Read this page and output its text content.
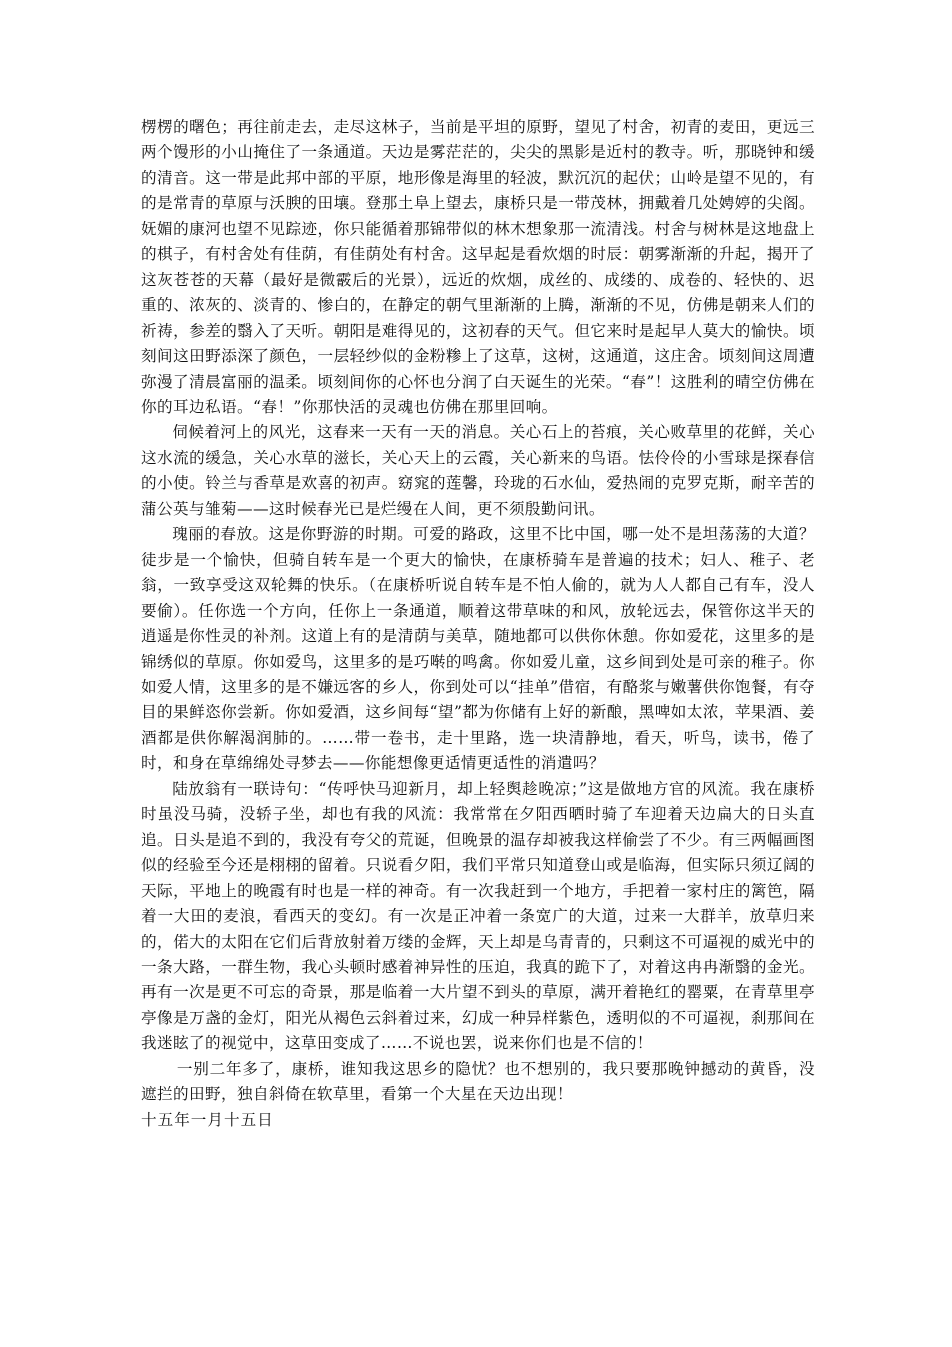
楞楞的曙色；再往前走去，走尽这林子，当前是平坦的原野，望见了村舍，初青的麦田，更远三两个馒形的小山掩住了一条通道。天边是雾茫茫的，尖尖的黑影是近村的教寺。听，那晓钟和缓的清音。这一带是此邦中部的平原，地形像是海里的轻波，默沉沉的起伏；山岭是望不见的，有的是常青的草原与沃腴的田壤。登那土阜上望去，康桥只是一带茂林，拥戴着几处娉婷的尖阁。妩媚的康河也望不见踪迹，你只能循着那锦带似的林木想象那一流清浅。村舍与树林是这地盘上的棋子，有村舍处有佳荫，有佳荫处有村舍。这早起是看炊烟的时辰：朝雾渐渐的升起，揭开了这灰苍苍的天幕（最好是微霰后的光景），远近的炊烟，成丝的、成缕的、成卷的、轻快的、迟重的、浓灰的、淡青的、惨白的，在静定的朝气里渐渐的上腾，渐渐的不见，仿佛是朝来人们的祈祷，参差的翳入了天听。朝阳是难得见的，这初春的天气。但它来时是起早人莫大的愉快。顷刻间这田野添深了颜色，一层轻纱似的金粉糁上了这草，这树，这通道，这庄舍。顷刻间这周遭弥漫了清晨富丽的温柔。顷刻间你的心怀也分润了白天诞生的光荣。“春”！这胜利的晴空仿佛在你的耳边私语。“春！”你那快活的灵魂也仿佛在那里回响。

伺候着河上的风光，这春来一天有一天的消息。关心石上的苔痕，关心败草里的花鲜，关心这水流的缓急，关心水草的滋长，关心天上的云霞，关心新来的鸟语。怯伶伶的小雪球是探春信的小使。铃兰与香草是欢喜的初声。窈窕的莲馨，玲珑的石水仙，爱热闹的克罗克斯，耐辛苦的蒲公英与雏菊——这时候春光已是烂缦在人间，更不须殷勤问讯。

瑰丽的春放。这是你野游的时期。可爱的路政，这里不比中国，哪一处不是坦荡荡的大道？徒步是一个愉快，但骑自转车是一个更大的愉快，在康桥骑车是普遍的技术；妇人、稚子、老翁，一致享受这双轮舞的快乐。（在康桥听说自转车是不怕人偷的，就为人人都自己有车，没人要偷）。任你选一个方向，任你上一条通道，顺着这带草味的和风，放轮远去，保管你这半天的逍遥是你性灵的补剂。这道上有的是清荫与美草，随地都可以供你休憩。你如爱花，这里多的是锦绣似的草原。你如爱鸟，这里多的是巧啭的鸣禽。你如爱儿童，这乡间到处是可亲的稚子。你如爱人情，这里多的是不嫌远客的乡人，你到处可以“挂单”借宿，有酪浆与嫩薯供你饱餐，有夺目的果鲜恣你尝新。你如爱酒，这乡间每“望”都为你储有上好的新酿，黑啤如太浓，苹果酒、姜酒都是供你解渴润肺的。……带一卷书，走十里路，选一块清静地，看天，听鸟，读书，倦了时，和身在草绵绵处寻梦去——你能想像更适情更适性的消遣吗？

陆放翁有一联诗句：“传呼快马迎新月，却上轻舆趁晚凉；”这是做地方官的风流。我在康桥时虽没马骑，没轿子坐，却也有我的风流：我常常在夕阳西晒时骑了车迎着天边扁大的日头直追。日头是追不到的，我没有夸父的荒诞，但晚景的温存却被我这样偷尝了不少。有三两幅画图似的经验至今还是栩栩的留着。只说看夕阳，我们平常只知道登山或是临海，但实际只须辽阔的天际，平地上的晚霞有时也是一样的神奇。有一次我赶到一个地方，手把着一家村庄的篱笆，隔着一大田的麦浪，看西天的变幻。有一次是正冲着一条宽广的大道，过来一大群羊，放草归来的，偌大的太阳在它们后背放射着万缕的金辉，天上却是乌青青的，只剩这不可逼视的威光中的一条大路，一群生物，我心头顿时感着神异性的压迫，我真的跪下了，对着这冉冉渐翳的金光。再有一次是更不可忘的奇景，那是临着一大片望不到头的草原，满开着艳红的罂粟，在青草里亭亭像是万盏的金灯，阳光从褐色云斜着过来，幻成一种异样紫色，透明似的不可逼视，刹那间在我迷眩了的视觉中，这草田变成了……不说也罢，说来你们也是不信的！

一别二年多了，康桥，谁知我这思乡的隐忧？也不想别的，我只要那晚钟撼动的黄昏，没遮拦的田野，独自斜倚在软草里，看第一个大星在天边出现！

十五年一月十五日
